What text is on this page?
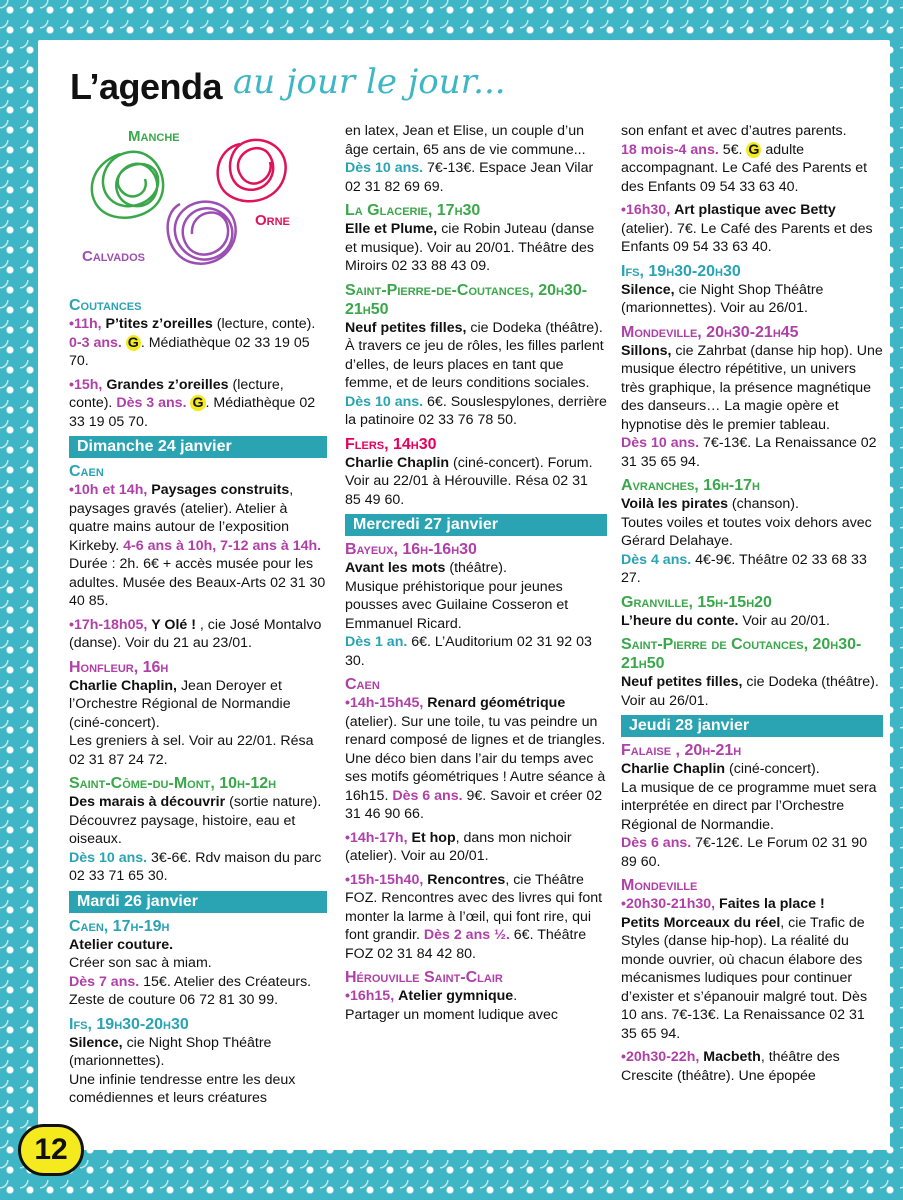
L’agenda au jour le jour...
Manche
Orne
Calvados
Coutances

•11h, P’tites z’oreilles (lecture, conte). 0-3 ans. G . Médiathèque 02 33 19 05 70.

•15h, Grandes z’oreilles (lecture, conte). Dès 3 ans. G . Médiathèque 02 33 19 05 70.

Dimanche 24 janvier
Caen

•10h et 14h, Paysages construits, paysages gravés (atelier). Atelier à quatre mains autour de l’exposition Kirkeby. 4-6 ans à 10h, 7-12 ans à 14h. Durée : 2h. 6€ + accès musée pour les adultes. Musée des Beaux-Arts 02 31 30 40 85.

•17h-18h05, Y Olé ! , cie José Montalvo (danse). Voir du 21 au 23/01.

Honfleur, 16h

Charlie Chaplin, Jean Deroyer et l’Orchestre Régional de Normandie (ciné-concert).
Les greniers à sel. Voir au 22/01. Résa 02 31 87 24 72.

Saint-Côme-du-Mont, 10h-12h

Des marais à découvrir (sortie nature). Découvrez paysage, histoire, eau et oiseaux.
Dès 10 ans. 3€-6€. Rdv maison du parc 02 33 71 65 30.

Mardi 26 janvier
Caen, 17h-19h

Atelier couture.
Créer son sac à miam.
Dès 7 ans. 15€. Atelier des Créateurs. Zeste de couture 06 72 81 30 99.

Ifs, 19h30-20h30

Silence, cie Night Shop Théâtre (marionnettes).
Une infinie tendresse entre les deux comédiennes et leurs créatures

en latex, Jean et Elise, un couple d’un âge certain, 65 ans de vie commune...
Dès 10 ans. 7€-13€. Espace Jean Vilar 02 31 82 69 69.

La Glacerie, 17h30

Elle et Plume, cie Robin Juteau (danse et musique). Voir au 20/01. Théâtre des Miroirs 02 33 88 43 09.

Saint-Pierre-de-Coutances, 20h30-21h50

Neuf petites filles, cie Dodeka (théâtre).
À travers ce jeu de rôles, les filles parlent d’elles, de leurs places en tant que femme, et de leurs conditions sociales.
Dès 10 ans. 6€. Souslespylones, derrière la patinoire 02 33 76 78 50.

Flers, 14h30

Charlie Chaplin (ciné-concert). Forum. Voir au 22/01 à Hérouville. Résa 02 31 85 49 60.

Mercredi 27 janvier
Bayeux, 16h-16h30

Avant les mots (théâtre).
Musique préhistorique pour jeunes pousses avec Guilaine Cosseron et Emmanuel Ricard.
Dès 1 an. 6€. L’Auditorium 02 31 92 03 30.

Caen

•14h-15h45, Renard géométrique (atelier). Sur une toile, tu vas peindre un renard composé de lignes et de triangles. Une déco bien dans l’air du temps avec ses motifs géométriques ! Autre séance à 16h15. Dès 6 ans. 9€. Savoir et créer 02 31 46 90 66.

•14h-17h, Et hop, dans mon nichoir (atelier). Voir au 20/01.

•15h-15h40, Rencontres, cie Théâtre FOZ. Rencontres avec des livres qui font monter la larme à l’œil, qui font rire, qui font grandir. Dès 2 ans ½. 6€. Théâtre FOZ 02 31 84 42 80.

Hérouville Saint-Clair

•16h15, Atelier gymnique.
Partager un moment ludique avec

son enfant et avec d’autres parents.
18 mois-4 ans. 5€. G adulte accompagnant. Le Café des Parents et des Enfants 09 54 33 63 40.

•16h30, Art plastique avec Betty (atelier). 7€. Le Café des Parents et des Enfants 09 54 33 63 40.

Ifs, 19h30-20h30

Silence, cie Night Shop Théâtre (marionnettes). Voir au 26/01.

Mondeville, 20h30-21h45

Sillons, cie Zahrbat (danse hip hop). Une musique électro répétitive, un univers très graphique, la présence magnétique des danseurs… La magie opère et hypnotise dès le premier tableau.
Dès 10 ans. 7€-13€. La Renaissance 02 31 35 65 94.

Avranches, 16h-17h

Voilà les pirates (chanson).
Toutes voiles et toutes voix dehors avec Gérard Delahaye.
Dès 4 ans. 4€-9€. Théâtre 02 33 68 33 27.

Granville, 15h-15h20

L’heure du conte. Voir au 20/01.

Saint-Pierre de Coutances, 20h30-21h50

Neuf petites filles, cie Dodeka (théâtre). Voir au 26/01.

Jeudi 28 janvier
Falaise , 20h-21h

Charlie Chaplin (ciné-concert).
La musique de ce programme muet sera interprétée en direct par l’Orchestre Régional de Normandie.
Dès 6 ans. 7€-12€. Le Forum 02 31 90 89 60.

Mondeville

•20h30-21h30, Faites la place !
Petits Morceaux du réel, cie Trafic de Styles (danse hip-hop). La réalité du monde ouvrier, où chacun élabore des mécanismes ludiques pour continuer d’exister et s’épanouir malgré tout. Dès 10 ans. 7€-13€. La Renaissance 02 31 35 65 94.

•20h30-22h, Macbeth, théâtre des Crescite (théâtre). Une épopée

12
